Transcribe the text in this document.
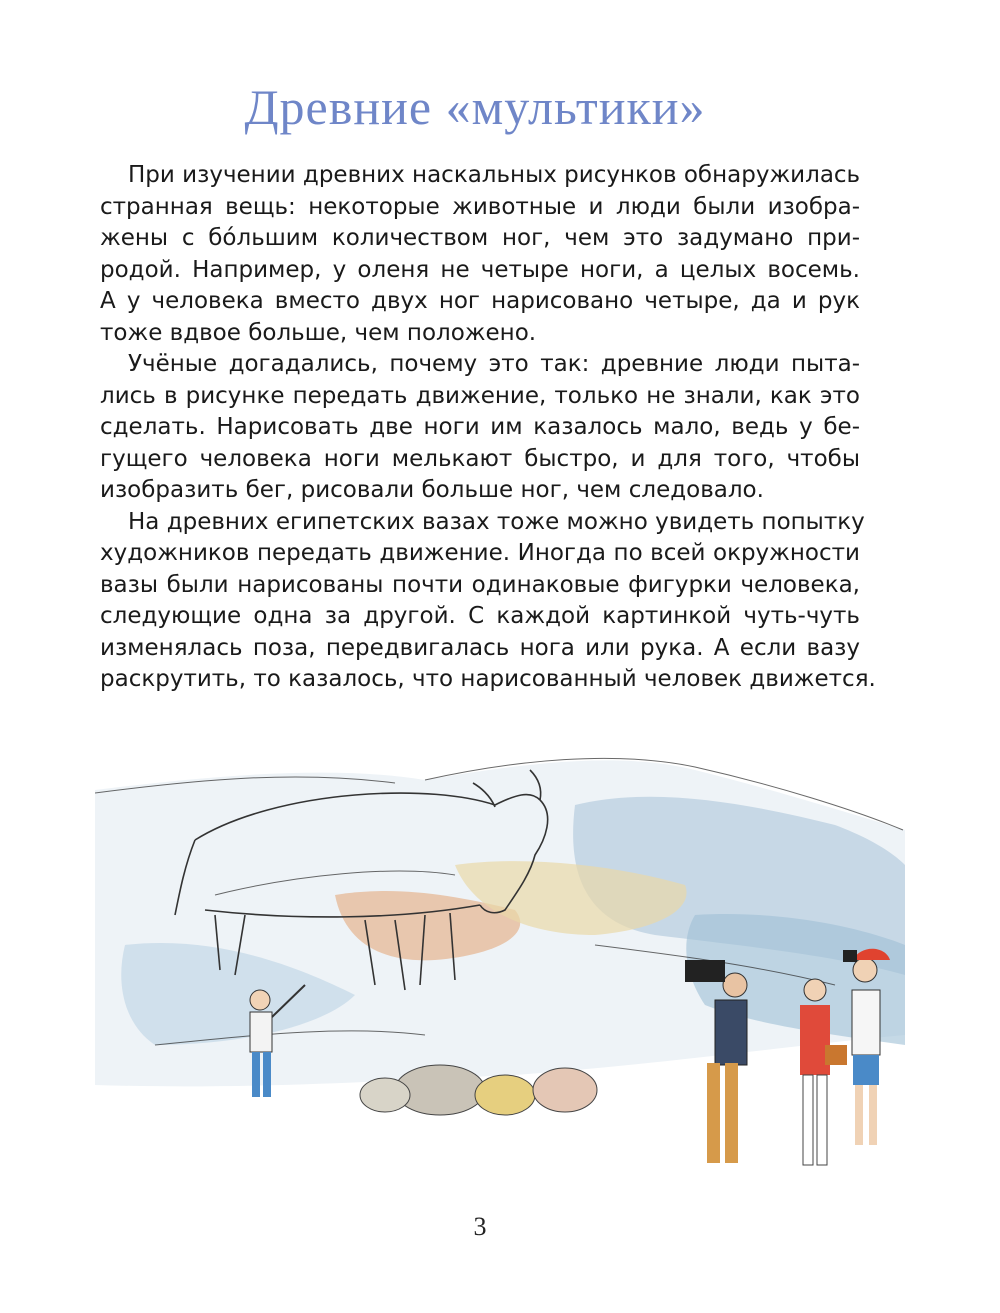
Древние «мультики»
При изучении древних наскальных рисунков обнаружилась
странная вещь: некоторые животные и люди были изобра-
жены с бóльшим количеством ног, чем это задумано при-
родой. Например, у оленя не четыре ноги, а целых восемь.
А у человека вместо двух ног нарисовано четыре, да и рук
тоже вдвое больше, чем положено.
Учёные догадались, почему это так: древние люди пыта-
лись в рисунке передать движение, только не знали, как это
сделать. Нарисовать две ноги им казалось мало, ведь у бе-
гущего человека ноги мелькают быстро, и для того, чтобы
изобразить бег, рисовали больше ног, чем следовало.
На древних египетских вазах тоже можно увидеть попытку
художников передать движение. Иногда по всей окружности
вазы были нарисованы почти одинаковые фигурки человека,
следующие одна за другой. С каждой картинкой чуть-чуть
изменялась поза, передвигалась нога или рука. А если вазу
раскрутить, то казалось, что нарисованный человек движется.
3
